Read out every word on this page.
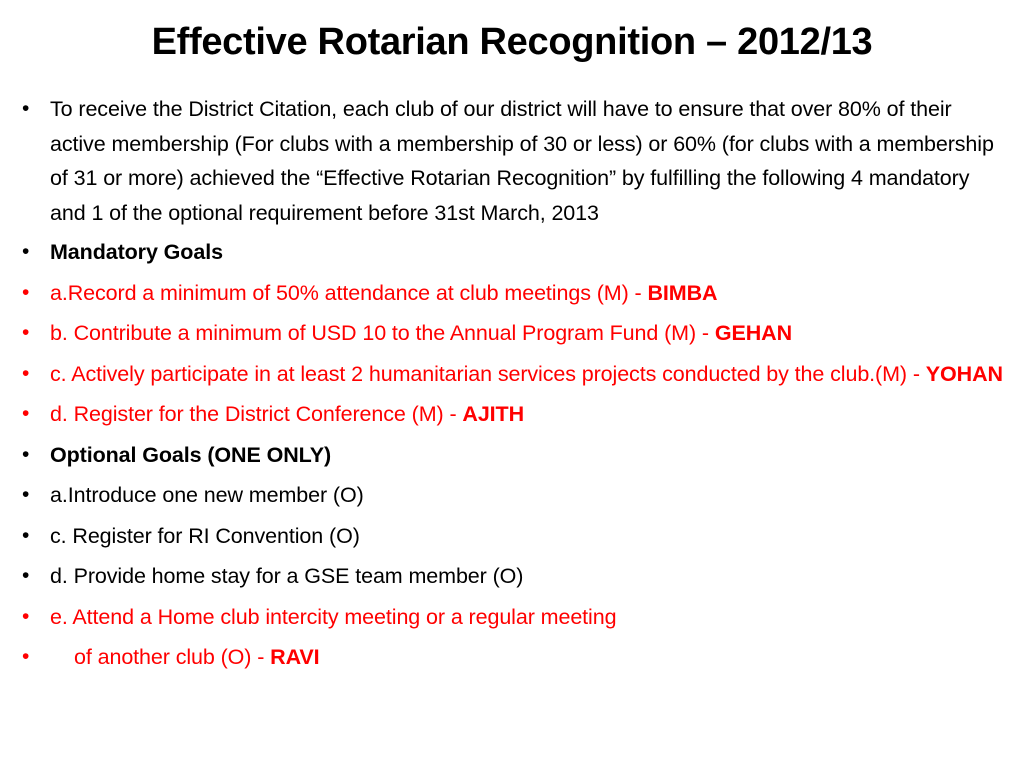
Effective Rotarian Recognition – 2012/13
• To receive the District Citation, each club of our district will have to ensure that over 80% of their active membership (For clubs with a membership of 30 or less) or 60% (for clubs with a membership of 31 or more) achieved the “Effective Rotarian Recognition” by fulfilling the following 4 mandatory and 1 of the optional requirement before 31st March, 2013
• Mandatory Goals
• a.Record a minimum of 50% attendance at club meetings (M) - BIMBA
• b. Contribute a minimum of USD 10 to the Annual Program Fund (M) - GEHAN
• c. Actively participate in at least 2 humanitarian services projects conducted by the club.(M) - YOHAN
• d. Register for the District Conference (M) - AJITH
• Optional Goals (ONE ONLY)
• a.Introduce one new member (O)
• c. Register for RI Convention (O)
• d. Provide home stay for a GSE team member (O)
• e. Attend a Home club intercity meeting or a regular meeting
•	of another club (O) - RAVI
